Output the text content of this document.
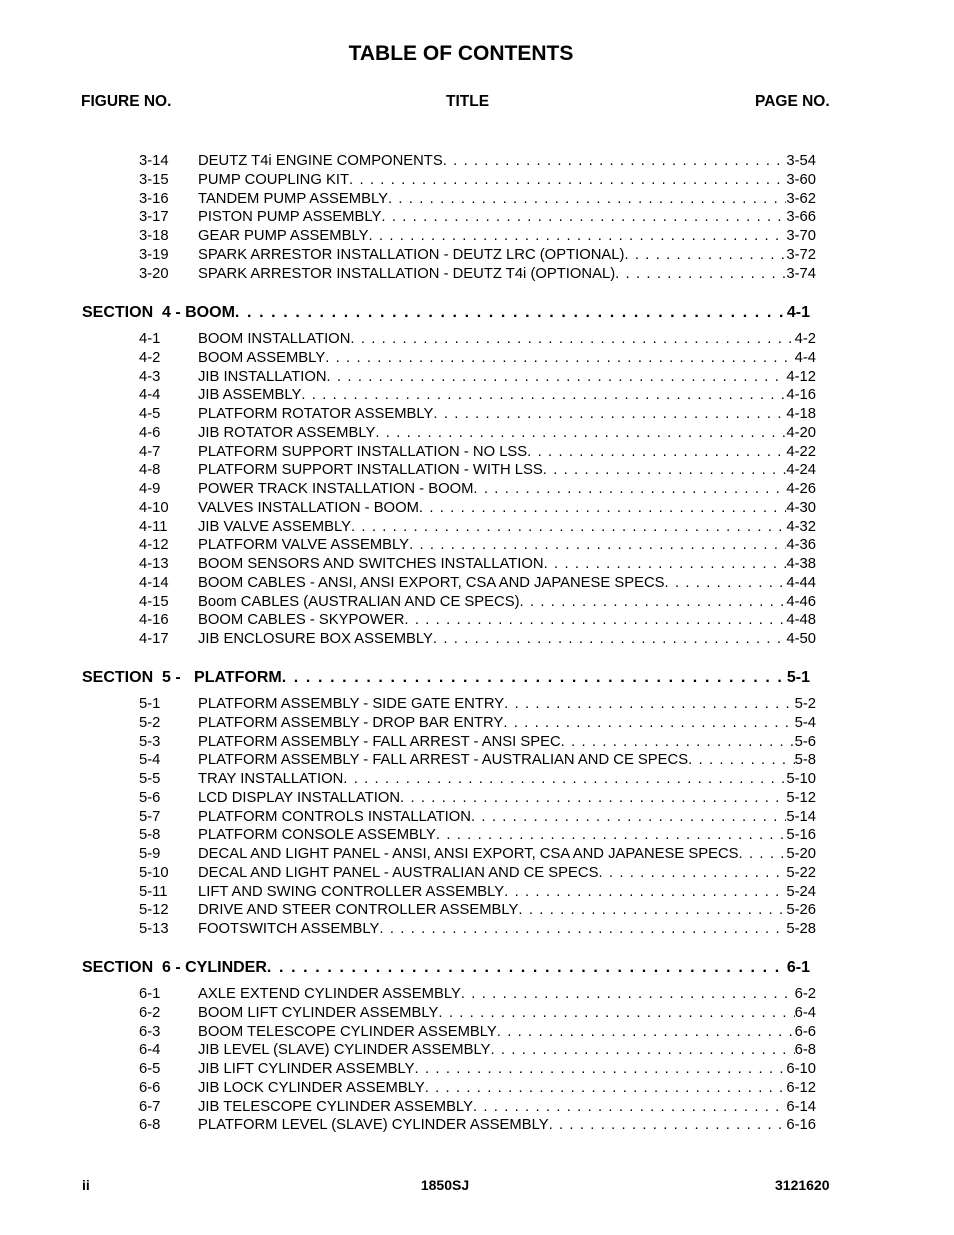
TABLE OF CONTENTS
FIGURE NO.	TITLE	PAGE NO.
3-14 DEUTZ T4i ENGINE COMPONENTS . . .	3-54
3-15 PUMP COUPLING KIT . . .	3-60
3-16 TANDEM PUMP ASSEMBLY . . .	3-62
3-17 PISTON PUMP ASSEMBLY . . .	3-66
3-18 GEAR PUMP ASSEMBLY . . .	3-70
3-19 SPARK ARRESTOR INSTALLATION - DEUTZ LRC (OPTIONAL) . . .	3-72
3-20 SPARK ARRESTOR INSTALLATION - DEUTZ T4i (OPTIONAL) . . .	3-74
SECTION  4 - BOOM . . .	4-1
4-1	BOOM INSTALLATION . . .	4-2
4-2	BOOM ASSEMBLY . . .	4-4
4-3	JIB INSTALLATION . . .	4-12
4-4	JIB ASSEMBLY . . .	4-16
4-5	PLATFORM ROTATOR ASSEMBLY . . .	4-18
4-6	JIB ROTATOR ASSEMBLY . . .	4-20
4-7	PLATFORM SUPPORT INSTALLATION - NO LSS . . .	4-22
4-8	PLATFORM SUPPORT INSTALLATION - WITH LSS . . .	4-24
4-9	POWER TRACK INSTALLATION - BOOM . . .	4-26
4-10 VALVES INSTALLATION - BOOM . . .	4-30
4-11 JIB VALVE ASSEMBLY . . .	4-32
4-12 PLATFORM VALVE ASSEMBLY . . .	4-36
4-13 BOOM SENSORS AND SWITCHES INSTALLATION . . .	4-38
4-14 BOOM CABLES - ANSI, ANSI EXPORT, CSA AND JAPANESE SPECS . . .	4-44
4-15 Boom CABLES (AUSTRALIAN AND CE SPECS) . . .	4-46
4-16 BOOM CABLES - SKYPOWER . . .	4-48
4-17 JIB ENCLOSURE BOX ASSEMBLY . . .	4-50
SECTION  5 -   PLATFORM . . .	5-1
5-1	PLATFORM ASSEMBLY - SIDE GATE ENTRY . . .	5-2
5-2	PLATFORM ASSEMBLY - DROP BAR ENTRY . . .	5-4
5-3	PLATFORM ASSEMBLY - FALL ARREST - ANSI SPEC . . .	5-6
5-4	PLATFORM ASSEMBLY - FALL ARREST - AUSTRALIAN AND CE SPECS . . .	5-8
5-5	TRAY INSTALLATION . . .	5-10
5-6	LCD DISPLAY INSTALLATION . . .	5-12
5-7	PLATFORM CONTROLS INSTALLATION . . .	5-14
5-8	PLATFORM CONSOLE ASSEMBLY . . .	5-16
5-9	DECAL AND LIGHT PANEL - ANSI, ANSI EXPORT, CSA AND JAPANESE SPECS . . .	5-20
5-10 DECAL AND LIGHT PANEL - AUSTRALIAN AND CE SPECS . . .	5-22
5-11 LIFT AND SWING CONTROLLER ASSEMBLY . . .	5-24
5-12 DRIVE AND STEER CONTROLLER ASSEMBLY . . .	5-26
5-13 FOOTSWITCH ASSEMBLY . . .	5-28
SECTION  6 - CYLINDER . . .	6-1
6-1	AXLE EXTEND CYLINDER ASSEMBLY . . .	6-2
6-2	BOOM LIFT CYLINDER ASSEMBLY . . .	6-4
6-3	BOOM TELESCOPE CYLINDER ASSEMBLY . . .	6-6
6-4	JIB LEVEL (SLAVE) CYLINDER ASSEMBLY . . .	6-8
6-5	JIB LIFT CYLINDER ASSEMBLY . . .	6-10
6-6	JIB LOCK CYLINDER ASSEMBLY . . .	6-12
6-7	JIB TELESCOPE CYLINDER ASSEMBLY . . .	6-14
6-8	PLATFORM LEVEL (SLAVE) CYLINDER ASSEMBLY . . .	6-16
ii	1850SJ	3121620
